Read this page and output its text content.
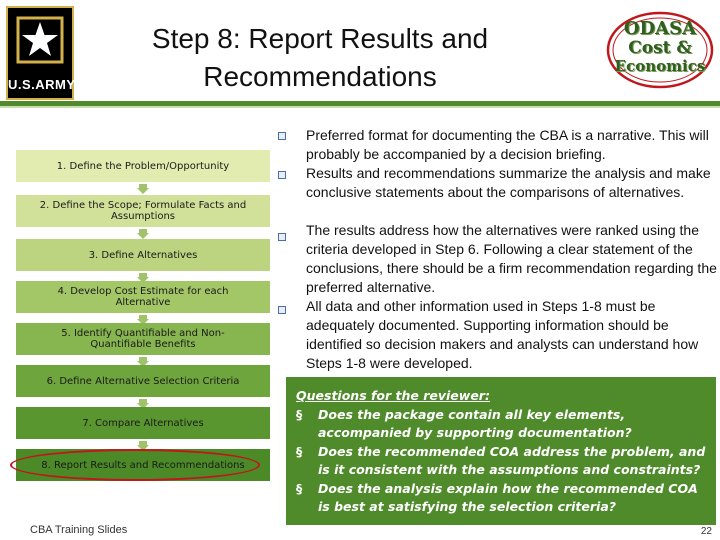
U.S.ARMY
Step 8: Report Results and
Recommendations
ODASA
Cost &
Economics
1. Define the Problem/Opportunity
2. Define the Scope; Formulate Facts and Assumptions
3. Define Alternatives
4. Develop Cost Estimate for each Alternative
5. Identify Quantifiable and Non- Quantifiable Benefits
6. Define Alternative Selection Criteria
7. Compare Alternatives
8. Report Results and Recommendations
Preferred format for documenting the CBA is a narrative. This will probably be accompanied by a decision briefing.
Results and recommendations summarize the analysis and make conclusive statements about the comparisons of alternatives.
The results address how the alternatives were ranked using the criteria developed in Step 6. Following a clear statement of the conclusions, there should be a firm recommendation regarding the preferred alternative.
All data and other information used in Steps 1-8 must be adequately documented. Supporting information should be identified so decision makers and analysts can understand how Steps 1-8 were developed.
Questions for the reviewer:
§ Does the package contain all key elements, accompanied by supporting documentation?
§ Does the recommended COA address the problem, and is it consistent with the assumptions and constraints?
§ Does the analysis explain how the recommended COA is best at satisfying the selection criteria?
CBA Training Slides	22
